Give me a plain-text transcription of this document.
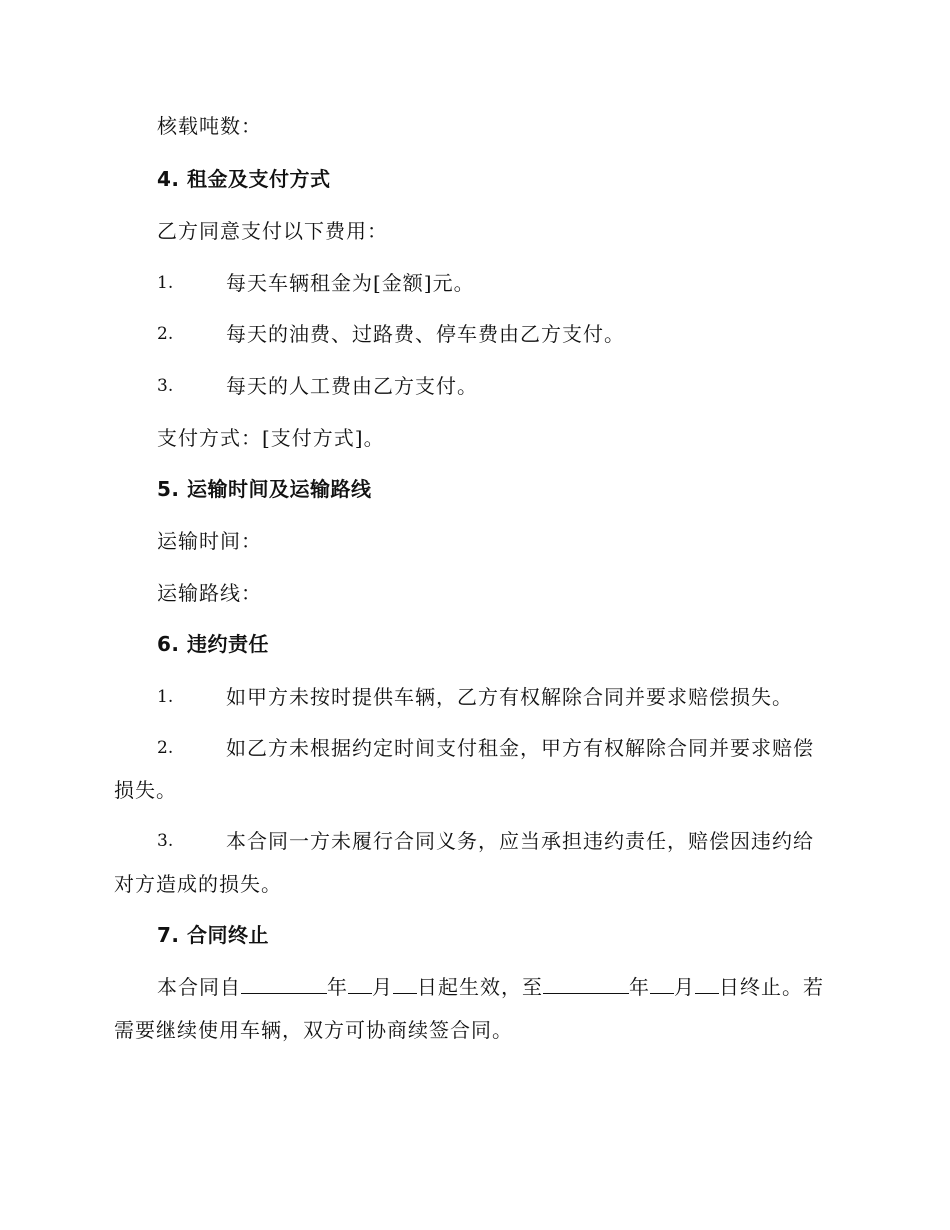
核载吨数：
4. 租金及支付方式
乙方同意支付以下费用：
1.	每天车辆租金为[金额]元。
2.	每天的油费、过路费、停车费由乙方支付。
3.	每天的人工费由乙方支付。
支付方式：[支付方式]。
5. 运输时间及运输路线
运输时间：
运输路线：
6. 违约责任
1.	如甲方未按时提供车辆，乙方有权解除合同并要求赔偿损失。
2.	如乙方未根据约定时间支付租金，甲方有权解除合同并要求赔偿
损失。
3.	本合同一方未履行合同义务，应当承担违约责任，赔偿因违约给
对方造成的损失。
7. 合同终止
本合同自	年 月 日起生效，至	年 月 日终止。若
需要继续使用车辆，双方可协商续签合同。
